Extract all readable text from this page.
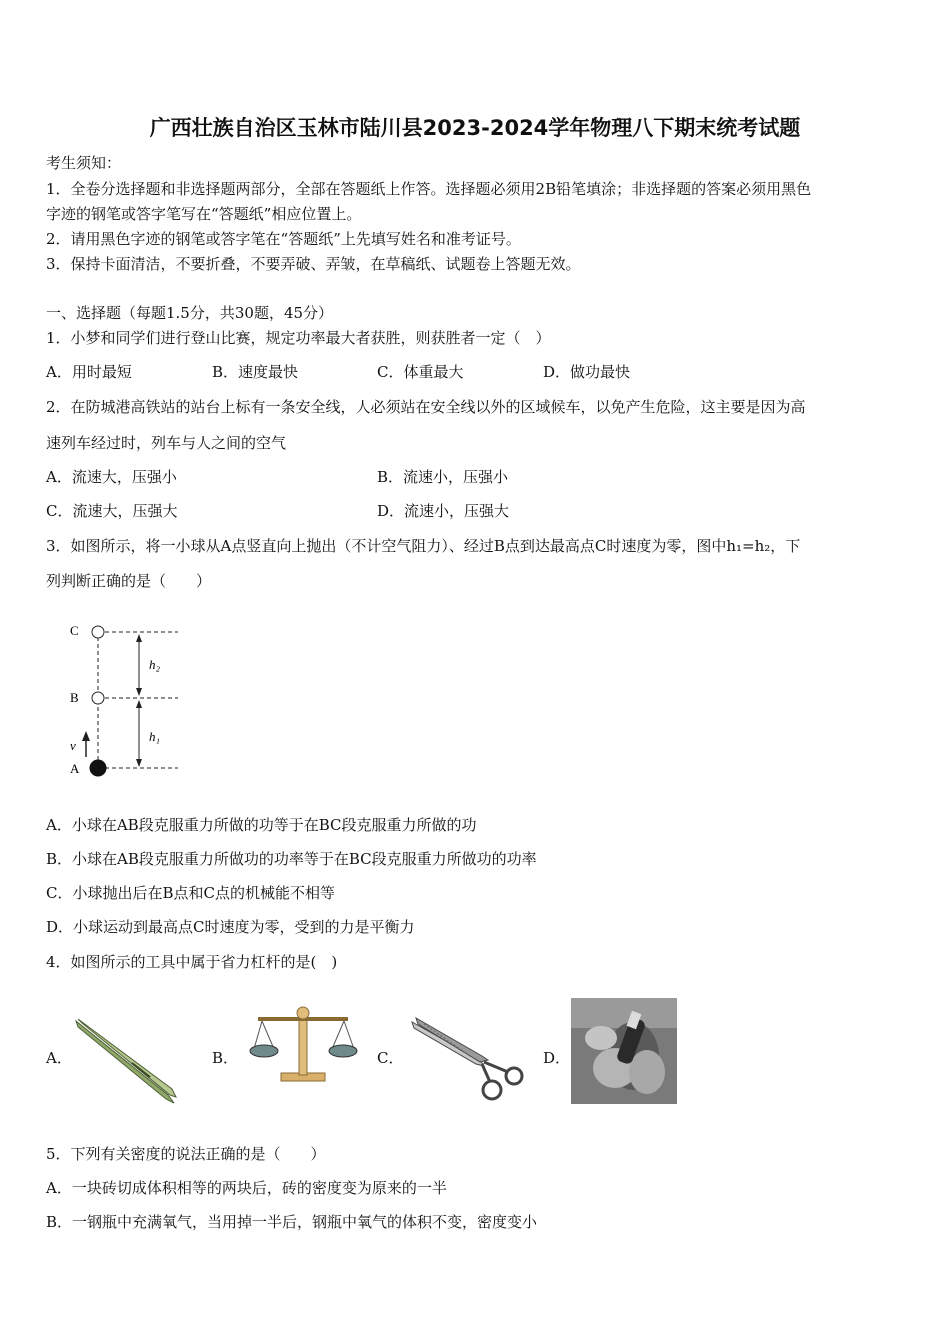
广西壮族自治区玉林市陆川县2023-2024学年物理八下期末统考试题
考生须知：
1．全卷分选择题和非选择题两部分，全部在答题纸上作答。选择题必须用2B铅笔填涂；非选择题的答案必须用黑色
字迹的钢笔或答字笔写在“答题纸”相应位置上。
2．请用黑色字迹的钢笔或答字笔在“答题纸”上先填写姓名和准考证号。
3．保持卡面清洁，不要折叠，不要弄破、弄皱，在草稿纸、试题卷上答题无效。
一、选择题（每题1.5分，共30题，45分）
1．小梦和同学们进行登山比赛，规定功率最大者获胜，则获胜者一定（　）
A．用时最短	B．速度最快	C．体重最大	D．做功最快
2．在防城港高铁站的站台上标有一条安全线，人必须站在安全线以外的区域候车，以免产生危险，这主要是因为高
速列车经过时，列车与人之间的空气
A．流速大，压强小	B．流速小，压强小
C．流速大，压强大	D．流速小，压强大
3．如图所示，将一小球从A点竖直向上抛出（不计空气阻力）、经过B点到达最高点C时速度为零，图中h₁=h₂，下
列判断正确的是（　　）
C
B
A
v
h₂
h₁
A．小球在AB段克服重力所做的功等于在BC段克服重力所做的功
B．小球在AB段克服重力所做功的功率等于在BC段克服重力所做功的功率
C．小球抛出后在B点和C点的机械能不相等
D．小球运动到最高点C时速度为零，受到的力是平衡力
4．如图所示的工具中属于省力杠杆的是(　)
A．	B．	C．	D．
5．下列有关密度的说法正确的是（　　）
A．一块砖切成体积相等的两块后，砖的密度变为原来的一半
B．一钢瓶中充满氧气，当用掉一半后，钢瓶中氧气的体积不变，密度变小
